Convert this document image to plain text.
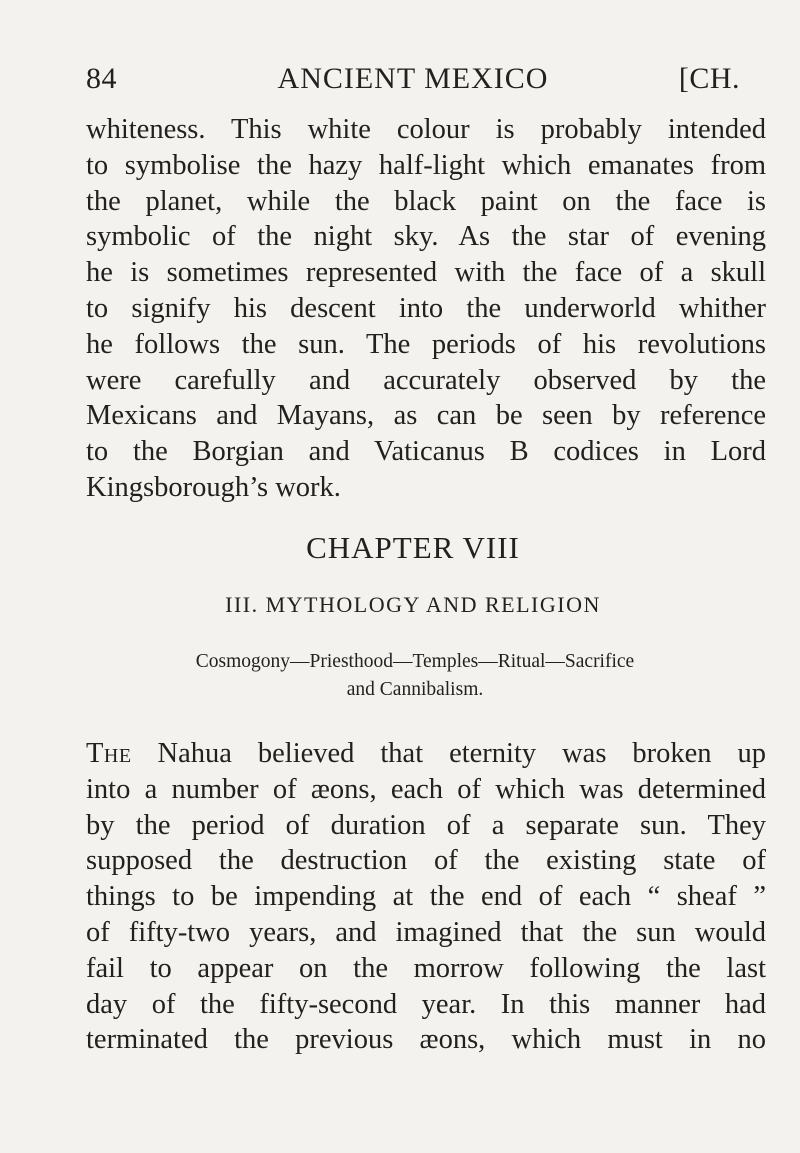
84	ANCIENT MEXICO	[CH.
whiteness. This white colour is probably intended
to symbolise the hazy half-light which emanates from
the planet, while the black paint on the face is
symbolic of the night sky. As the star of evening
he is sometimes represented with the face of a skull
to signify his descent into the underworld whither
he follows the sun. The periods of his revolutions
were carefully and accurately observed by the
Mexicans and Mayans, as can be seen by reference
to the Borgian and Vaticanus B codices in Lord
Kingsborough’s work.
CHAPTER VIII
III. MYTHOLOGY AND RELIGION
Cosmogony—Priesthood—Temples—Ritual—Sacrifice
and Cannibalism.
The Nahua believed that eternity was broken up
into a number of æons, each of which was determined
by the period of duration of a separate sun. They
supposed the destruction of the existing state of
things to be impending at the end of each “ sheaf ”
of fifty-two years, and imagined that the sun would
fail to appear on the morrow following the last
day of the fifty-second year. In this manner had
terminated the previous æons, which must in no
